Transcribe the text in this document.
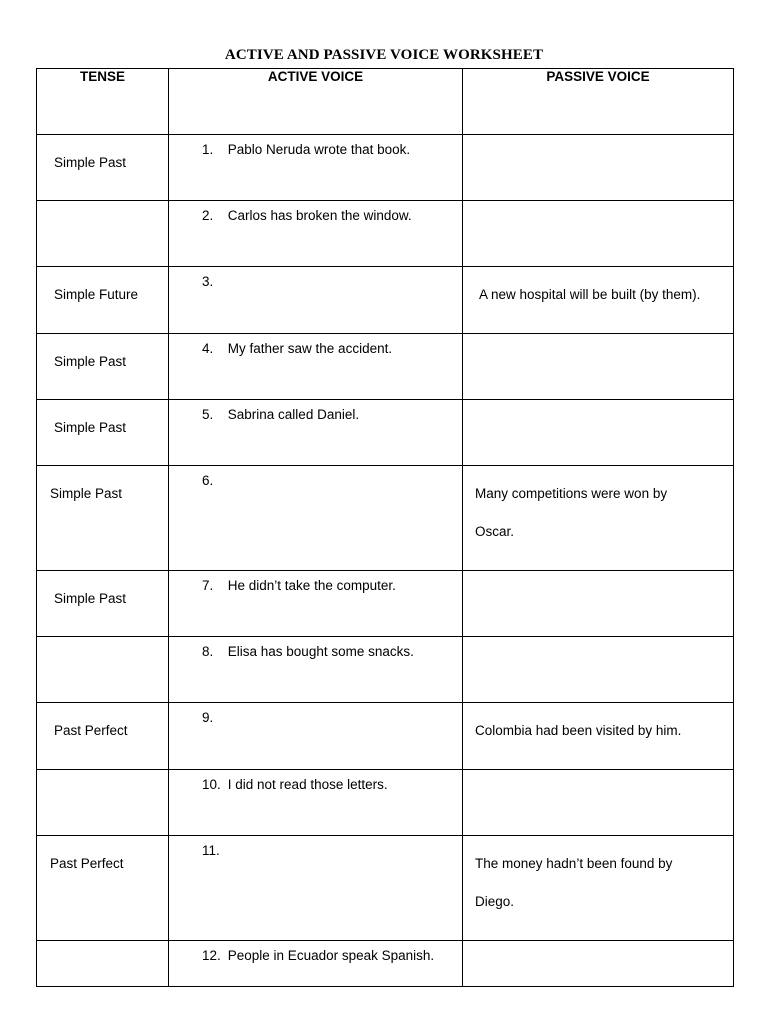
ACTIVE AND PASSIVE VOICE WORKSHEET
TENSE	ACTIVE VOICE	PASSIVE VOICE

Simple Past	1. Pablo Neruda wrote that book.	

	2. Carlos has broken the window.	

Simple Future	3.	A new hospital will be built (by them).

Simple Past	4. My father saw the accident.	

Simple Past	5. Sabrina called Daniel.	

Simple Past	6.	Many competitions were won by Oscar.

Simple Past	7. He didn’t take the computer.	

	8. Elisa has bought some snacks.	

Past Perfect	9.	Colombia had been visited by him.

	10. I did not read those letters.	

Past Perfect	11.	The money hadn’t been found by Diego.

	12. People in Ecuador speak Spanish.	
